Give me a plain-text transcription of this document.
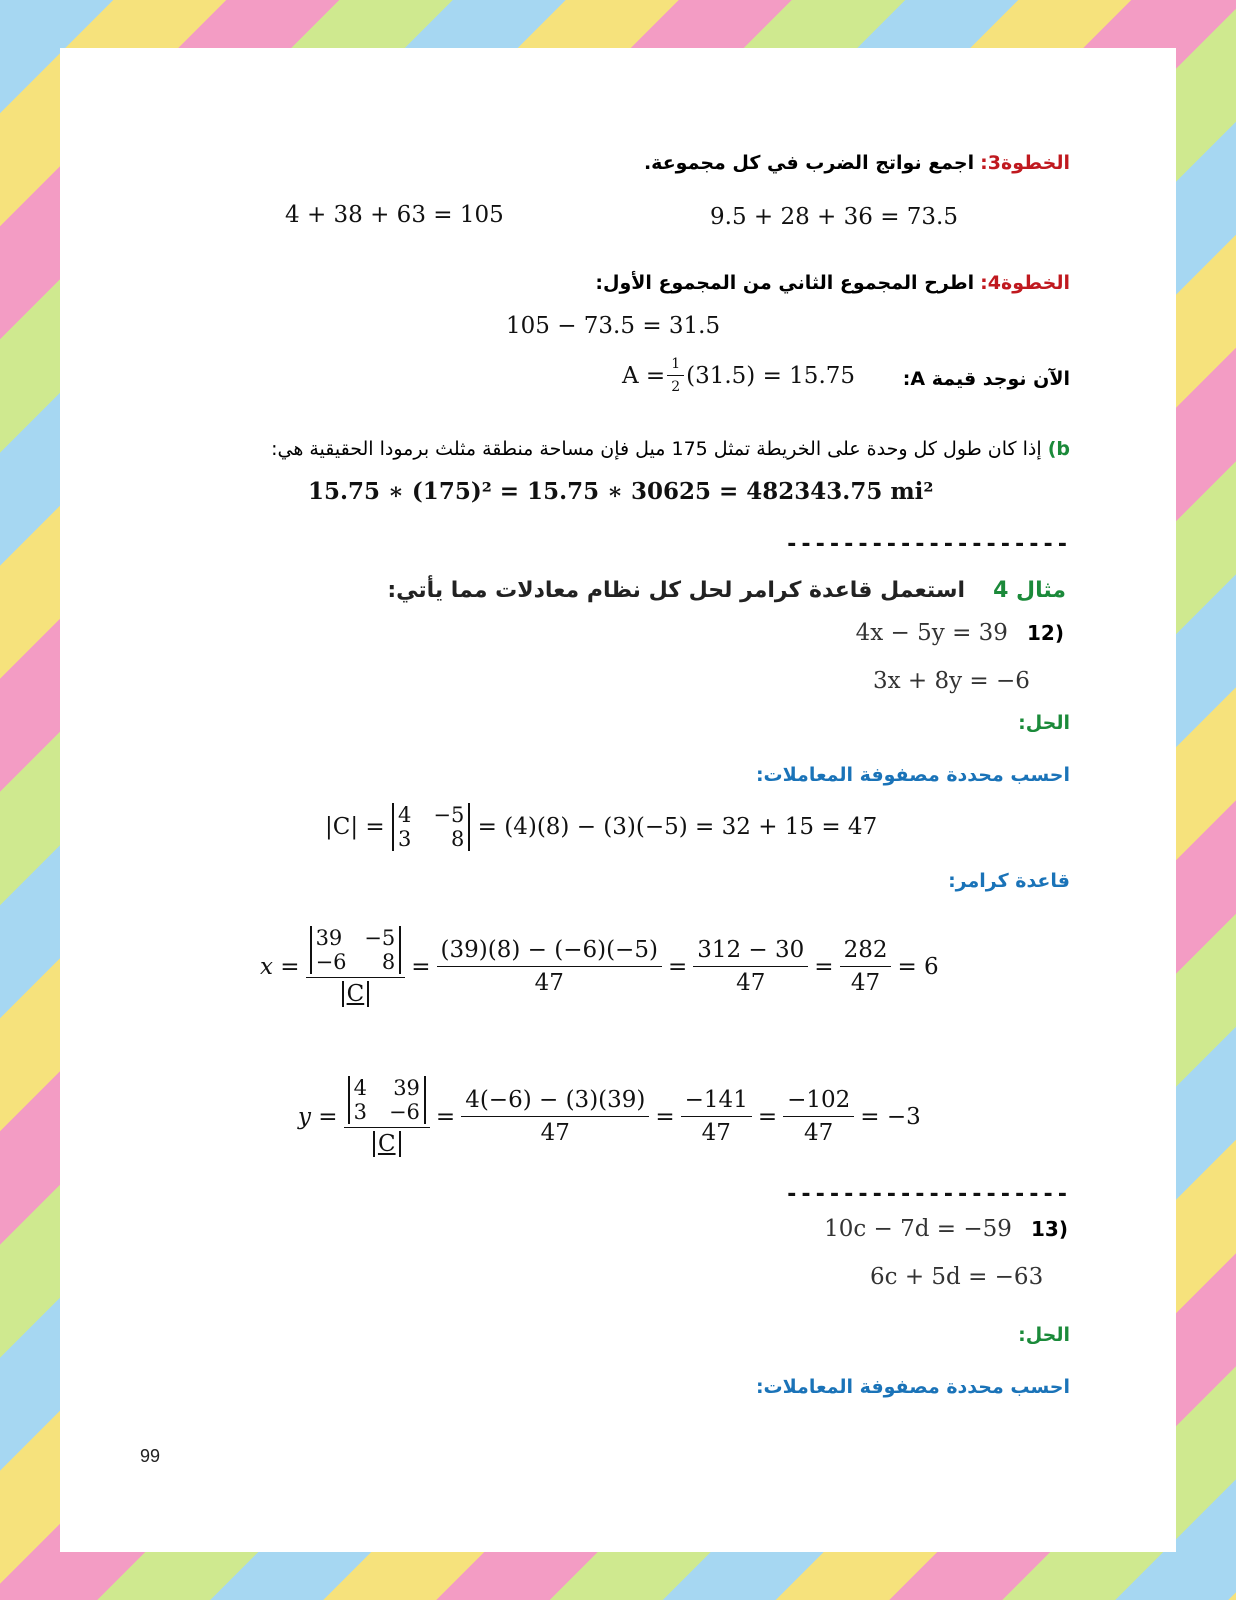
الخطوة3: اجمع نواتج الضرب في كل مجموعة.
9.5 + 28 + 36 = 73.5
4 + 38 + 63 = 105
الخطوة4: اطرح المجموع الثاني من المجموع الأول:
105 − 73.5 = 31.5
الآن نوجد قيمة A:
$A = \frac{1}{2} (31.5) = 15.75$
b) إذا كان طول كل وحدة على الخريطة تمثل 175 ميل فإن مساحة منطقة مثلث برمودا الحقيقية هي:
15.75 ∗ (175)² = 15.75 ∗ 30625 = 482343.75 mi²
--------------------
مثال 4    استعمل قاعدة كرامر لحل كل نظام معادلات مما يأتي:
(12   4x − 5y = 39
3x + 8y = −6
الحل:
احسب محددة مصفوفة المعاملات:
|C| =
4 −5
3 8
= (4)(8) − (3)(−5) = 32 + 15 = 47
قاعدة كرامر:
x = 39 −5
−6 8
$C = \frac{(39)(8) - (-6)(-5)}{47} = \frac{312 - 30}{47} = \frac{282}{47} = 6$
y = 4 39
3 −6
$C = \frac{4(-6) - (3)(39)}{47} = \frac{-141}{47} = \frac{-102}{47} = -3$
--------------------
(13   10c − 7d = −59
6c + 5d = −63
الحل:
احسب محددة مصفوفة المعاملات:
99
